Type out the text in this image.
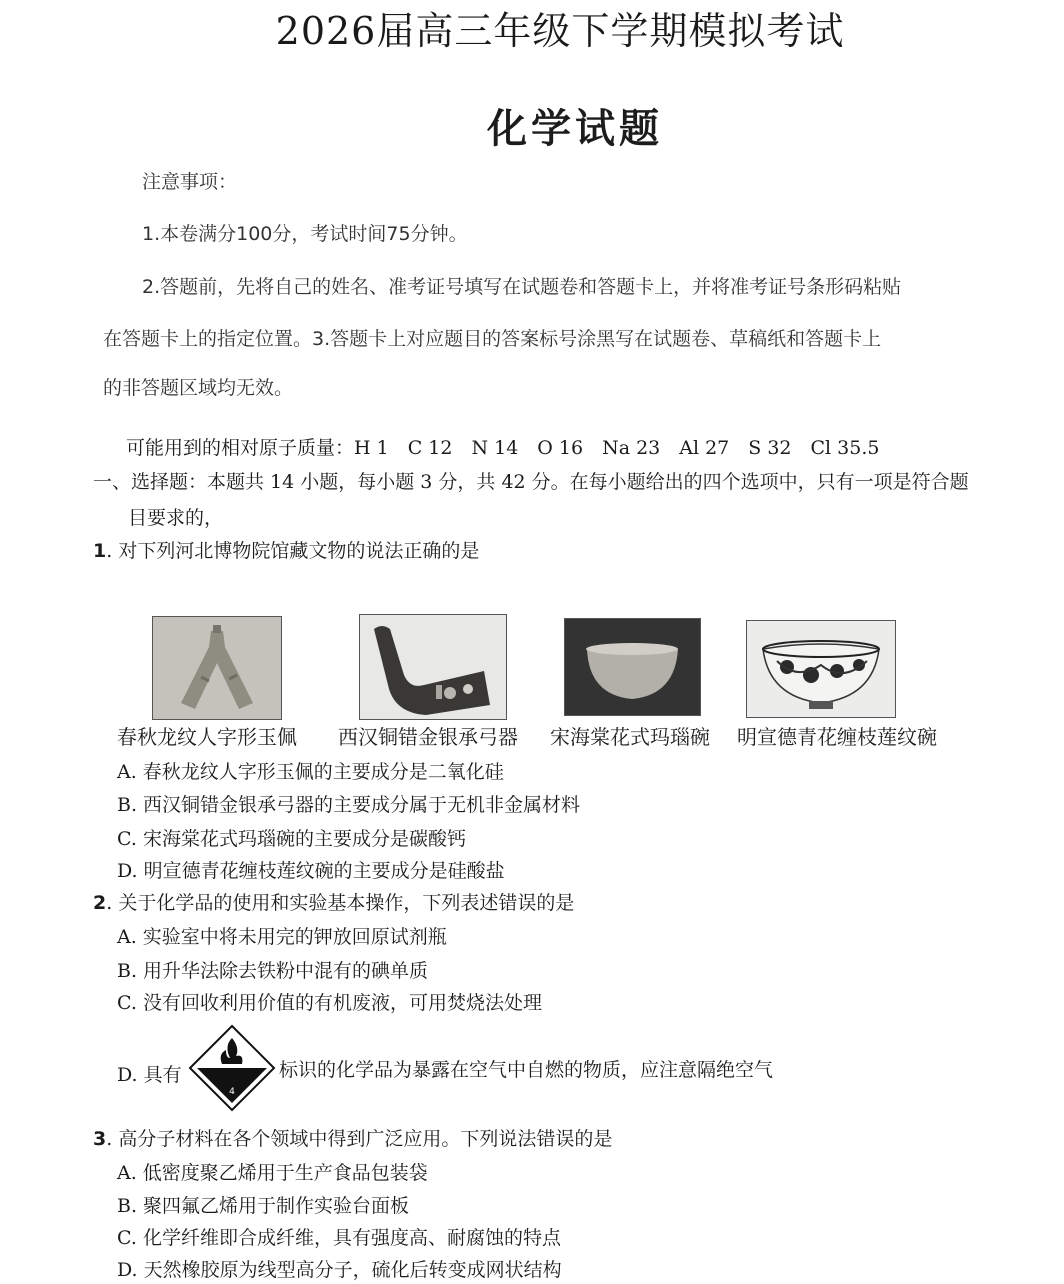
2026届高三年级下学期模拟考试
化学试题
注意事项：
1.本卷满分100分，考试时间75分钟。
2.答题前，先将自己的姓名、准考证号填写在试题卷和答题卡上，并将准考证号条形码粘贴
在答题卡上的指定位置。3.答题卡上对应题目的答案标号涂黑写在试题卷、草稿纸和答题卡上
的非答题区域均无效。
可能用到的相对原子质量：H 1　C 12　N 14　O 16　Na 23　Al 27　S 32　Cl 35.5
一、选择题：本题共 14 小题，每小题 3 分，共 42 分。在每小题给出的四个选项中，只有一项是符合题
目要求的，
1. 对下列河北博物院馆藏文物的说法正确的是
春秋龙纹人字形玉佩 西汉铜错金银承弓器 宋海棠花式玛瑙碗 明宣德青花缠枝莲纹碗
A. 春秋龙纹人字形玉佩的主要成分是二氧化硅
B. 西汉铜错金银承弓器的主要成分属于无机非金属材料
C. 宋海棠花式玛瑙碗的主要成分是碳酸钙
D. 明宣德青花缠枝莲纹碗的主要成分是硅酸盐
2. 关于化学品的使用和实验基本操作，下列表述错误的是
A. 实验室中将未用完的钾放回原试剂瓶
B. 用升华法除去铁粉中混有的碘单质
C. 没有回收利用价值的有机废液，可用焚烧法处理
D. 具有
4
标识的化学品为暴露在空气中自燃的物质，应注意隔绝空气
3. 高分子材料在各个领域中得到广泛应用。下列说法错误的是
A. 低密度聚乙烯用于生产食品包装袋
B. 聚四氟乙烯用于制作实验台面板
C. 化学纤维即合成纤维，具有强度高、耐腐蚀的特点
D. 天然橡胶原为线型高分子，硫化后转变成网状结构
